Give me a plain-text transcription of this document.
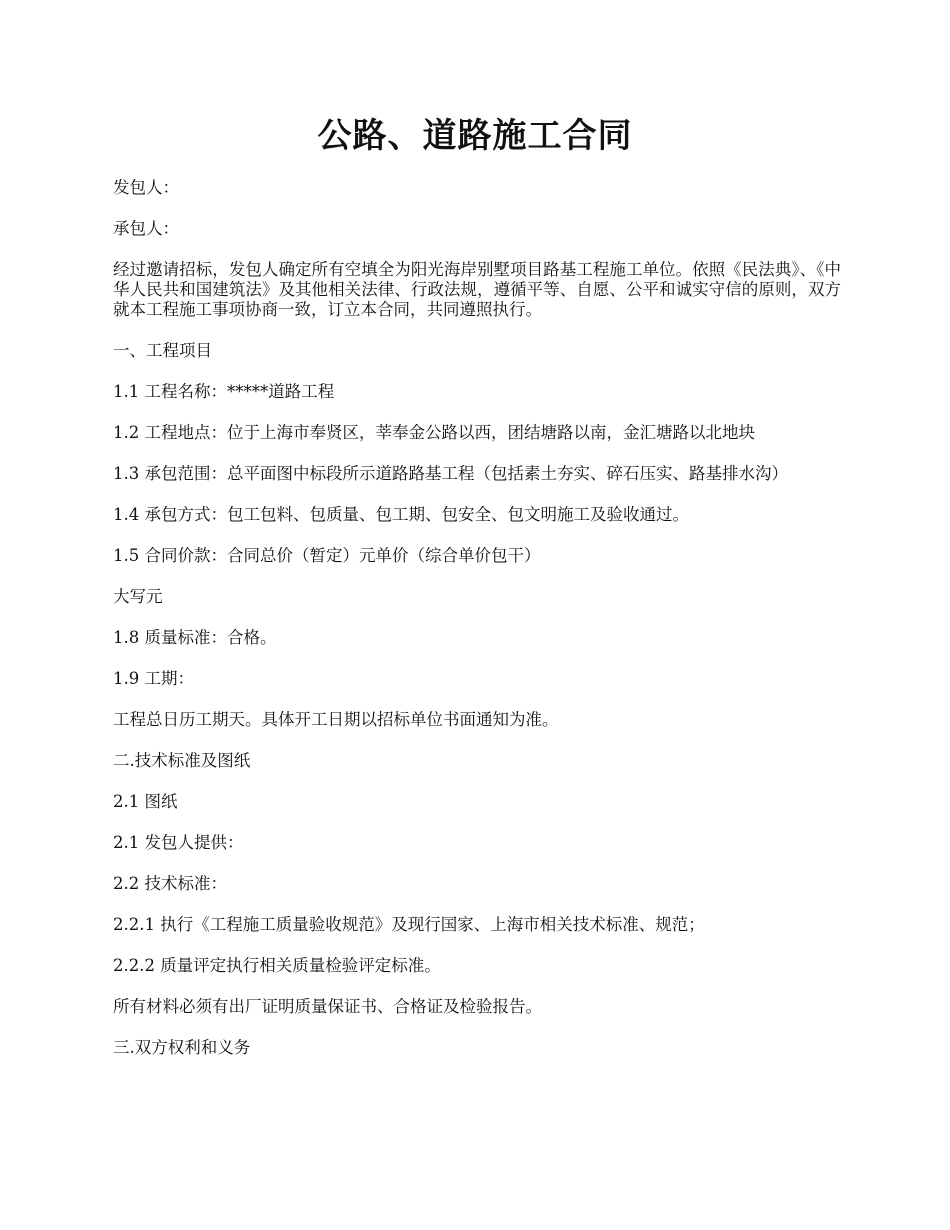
公路、道路施工合同

发包人：

承包人：

经过邀请招标，发包人确定所有空填全为阳光海岸别墅项目路基工程施工单位。依照《民法典》、《中华人民共和国建筑法》及其他相关法律、行政法规，遵循平等、自愿、公平和诚实守信的原则，双方就本工程施工事项协商一致，订立本合同，共同遵照执行。

一、工程项目

1.1 工程名称：*****道路工程

1.2 工程地点：位于上海市奉贤区，莘奉金公路以西，团结塘路以南，金汇塘路以北地块

1.3 承包范围：总平面图中标段所示道路路基工程（包括素土夯实、碎石压实、路基排水沟）

1.4 承包方式：包工包料、包质量、包工期、包安全、包文明施工及验收通过。

1.5 合同价款：合同总价（暂定）元单价（综合单价包干）

大写元

1.8 质量标准：合格。

1.9 工期：

工程总日历工期天。具体开工日期以招标单位书面通知为准。

二.技术标准及图纸

2.1 图纸

2.1 发包人提供：

2.2 技术标准：

2.2.1 执行《工程施工质量验收规范》及现行国家、上海市相关技术标准、规范；

2.2.2 质量评定执行相关质量检验评定标准。

所有材料必须有出厂证明质量保证书、合格证及检验报告。

三.双方权利和义务
